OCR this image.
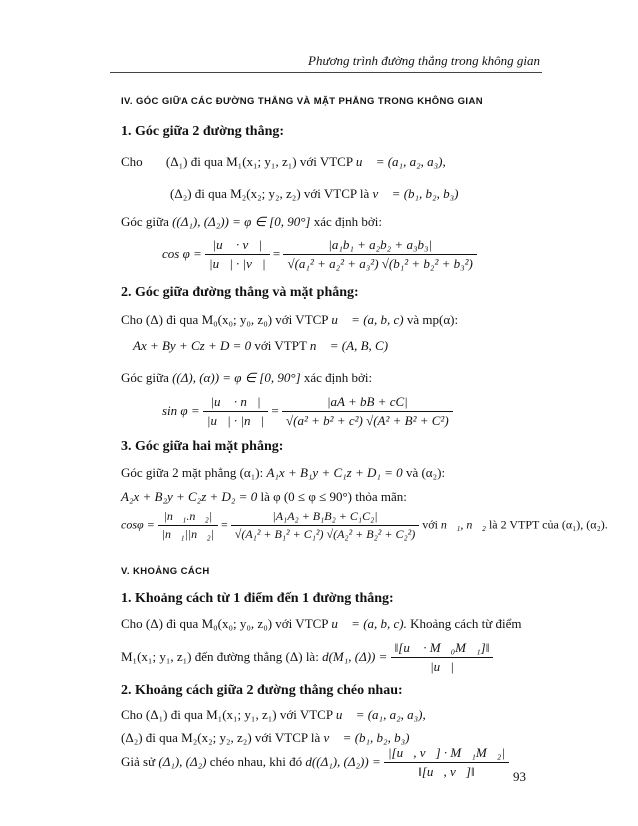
Phương trình đường thẳng trong không gian
IV. GÓC GIỮA CÁC ĐƯỜNG THẲNG VÀ MẶT PHẲNG TRONG KHÔNG GIAN
1. Góc giữa 2 đường thẳng:
Cho (Δ₁) đi qua M₁(x₁; y₁, z₁) với VTCP u⃗ = (a₁, a₂, a₃),
(Δ₂) đi qua M₂(x₂; y₂, z₂) với VTCP là v⃗ = (b₁, b₂, b₃)
Góc giữa ((Δ₁), (Δ₂)) = φ ∈ [0, 90°] xác định bởi:
$\cos \varphi = \frac{|u⃗ \cdot v⃗|}{|u⃗| \cdot |v⃗|} = \frac{\text{|a₁b₁ + a₂b₂ + a₃b₃|}}{\text{√(a₁² + a₂² + a₃²) √(b₁² + b₂² + b₃²)}}$
2. Góc giữa đường thẳng và mặt phẳng:
Cho (Δ) đi qua M₀(x₀; y₀, z₀) với VTCP u⃗ = (a, b, c) và mp(α):
Ax + By + Cz + D = 0 với VTPT n⃗ = (A, B, C)
Góc giữa ((Δ), (α)) = φ ∈ [0, 90°] xác định bởi:
$\sin \varphi = \frac{|u⃗ \cdot n⃗|}{|u⃗| \cdot |n⃗|} = \frac{|aA + bB + cC|}{\text{√(a² + b² + c²) √(A² + B² + C²)}}$
3. Góc giữa hai mặt phẳng:
Góc giữa 2 mặt phẳng (α₁): A₁x + B₁y + C₁z + D₁ = 0 và (α₂):
A₂x + B₂y + C₂z + D₂ = 0 là φ (0 ≤ φ ≤ 90°) thỏa mãn:
$\cos\varphi = \frac{\text{|n⃗₁.n⃗₂|}}{\text{|n⃗₁||n⃗₂|}} = \frac{\text{|A₁A₂ + B₁B₂ + C₁C₂|}}{\text{√(A₁² + B₁² + C₁²) √(A₂² + B₂² + C₂²)}}$ với n⃗₁, n⃗₂ là 2 VTPT của (α₁), (α₂).
V. KHOẢNG CÁCH
1. Khoảng cách từ 1 điểm đến 1 đường thẳng:
Cho (Δ) đi qua M₀(x₀; y₀, z₀) với VTCP u⃗ = (a, b, c). Khoảng cách từ điểm
M₁(x₁; y₁, z₁) đến đường thẳng (Δ) là: d(M₁, $(\Delta)) = \frac{\text{‖[u⃗ · M⃗₀M⃗₁]‖}}{|u⃗|}$
2. Khoảng cách giữa 2 đường thẳng chéo nhau:
Cho (Δ₁) đi qua M₁(x₁; y₁, z₁) với VTCP u⃗ = (a₁, a₂, a₃),
(Δ₂) đi qua M₂(x₂; y₂, z₂) với VTCP là v⃗ = (b₁, b₂, b₃)
Giả sử (Δ₁), (Δ₂) chéo nhau, khi đó d((Δ₁), $(\Delta_2)) = \frac{\text{|[u⃗, v⃗] · M⃗₁M⃗₂|}}{‖[u⃗, v⃗]‖} 93$
